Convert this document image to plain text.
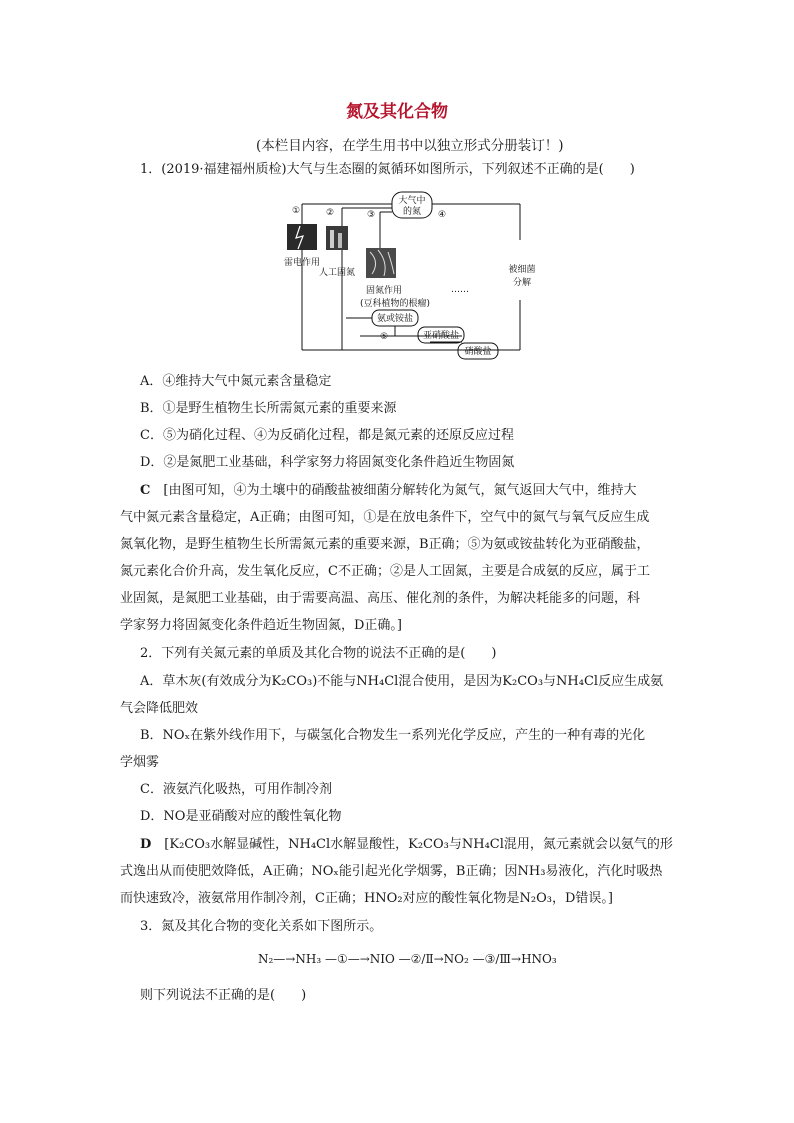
氮及其化合物
(本栏目内容，在学生用书中以独立形式分册装订！)
1．(2019·福建福州质检)大气与生态圈的氮循环如图所示，下列叙述不正确的是(　　)
大气中
的氮
雷电作用
人工固氮
固氮作用
(豆科植物的根瘤)
……
被细菌
分解
氨或铵盐
亚硝酸盐
硝酸盐
①	②	③	④
⑤
A．④维持大气中氮元素含量稳定
B．①是野生植物生长所需氮元素的重要来源
C．⑤为硝化过程、④为反硝化过程，都是氮元素的还原反应过程
D．②是氮肥工业基础，科学家努力将固氮变化条件趋近生物固氮
C　 [由图可知，④为土壤中的硝酸盐被细菌分解转化为氮气，氮气返回大气中，维持大
气中氮元素含量稳定，A正确；由图可知，①是在放电条件下，空气中的氮气与氧气反应生成
氮氧化物，是野生植物生长所需氮元素的重要来源，B正确；⑤为氨或铵盐转化为亚硝酸盐，
氮元素化合价升高，发生氧化反应，C不正确；②是人工固氮，主要是合成氨的反应，属于工
业固氮，是氮肥工业基础，由于需要高温、高压、催化剂的条件，为解决耗能多的问题，科
学家努力将固氮变化条件趋近生物固氮，D正确。]
2．下列有关氮元素的单质及其化合物的说法不正确的是(　　)
A．草木灰(有效成分为K₂CO₃)不能与NH₄Cl混合使用，是因为K₂CO₃与NH₄Cl反应生成氨
气会降低肥效
B．NOₓ在紫外线作用下，与碳氢化合物发生一系列光化学反应，产生的一种有毒的光化
学烟雾
C．液氨汽化吸热，可用作制冷剂
D．NO是亚硝酸对应的酸性氧化物
D　 [K₂CO₃水解显碱性，NH₄Cl水解显酸性，K₂CO₃与NH₄Cl混用，氮元素就会以氨气的形
式逸出从而使肥效降低，A正确；NOₓ能引起光化学烟雾，B正确；因NH₃易液化，汽化时吸热
而快速致冷，液氨常用作制冷剂，C正确；HNO₂对应的酸性氧化物是N₂O₃，D错误。]
3．氮及其化合物的变化关系如下图所示。
N₂—→NH₃ —①—→NⅠO —②/Ⅱ→NO₂ —③/Ⅲ→HNO₃
则下列说法不正确的是(　　)
